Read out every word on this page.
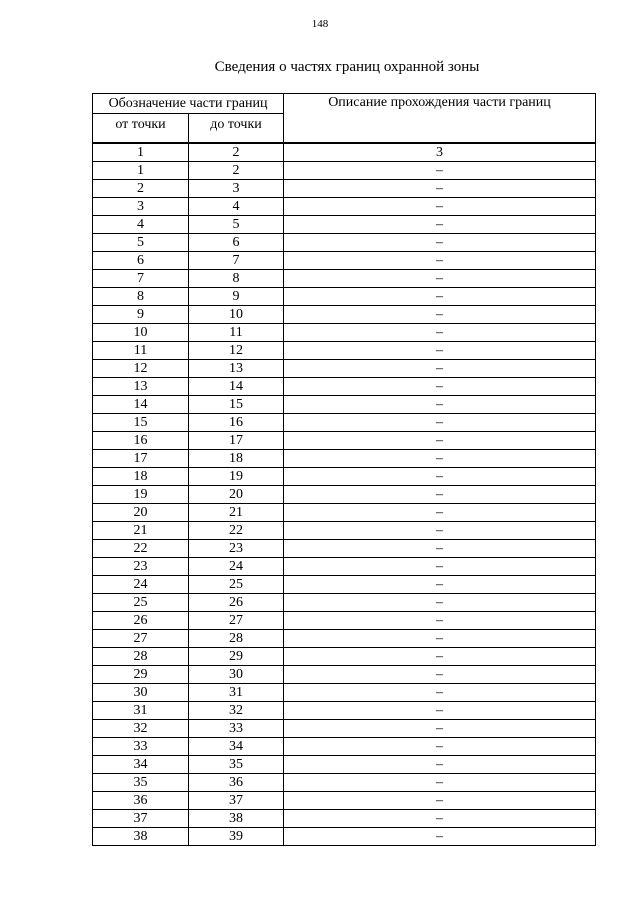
148
Сведения о частях границ охранной зоны
Обозначение части границ		Описание прохождения части границ
от точки	до точки	
1	2	3
1	2	–
2	3	–
3	4	–
4	5	–
5	6	–
6	7	–
7	8	–
8	9	–
9	10	–
10	11	–
11	12	–
12	13	–
13	14	–
14	15	–
15	16	–
16	17	–
17	18	–
18	19	–
19	20	–
20	21	–
21	22	–
22	23	–
23	24	–
24	25	–
25	26	–
26	27	–
27	28	–
28	29	–
29	30	–
30	31	–
31	32	–
32	33	–
33	34	–
34	35	–
35	36	–
36	37	–
37	38	–
38	39	–
